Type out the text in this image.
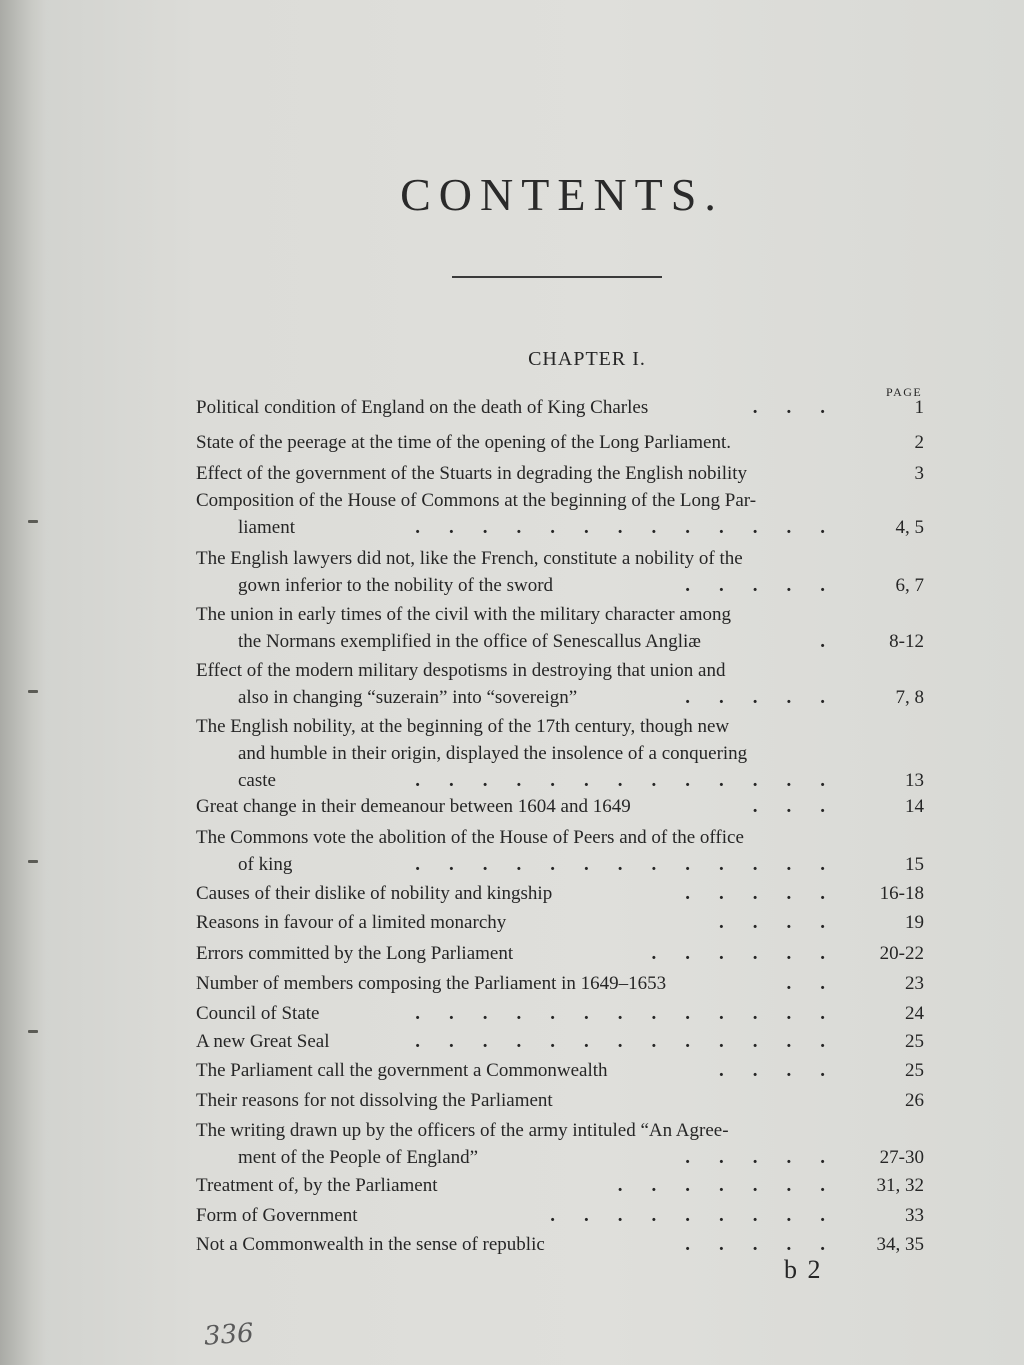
CONTENTS.
CHAPTER I.
PAGE
Political condition of England on the death of King Charles	...	1
State of the peerage at the time of the opening of the Long Parliament.	2
Effect of the government of the Stuarts in degrading the English nobility	3
Composition of the House of Commons at the beginning of the Long Par-
liament	............. 4, 5
The English lawyers did not, like the French, constitute a nobility of the
gown inferior to the nobility of the sword	..... 6, 7
The union in early times of the civil with the military character among
the Normans exemplified in the office of Senescallus Angliæ	. 8-12
Effect of the modern military despotisms in destroying that union and
also in changing “suzerain” into “sovereign”	..... 7, 8
The English nobility, at the beginning of the 17th century, though new
and humble in their origin, displayed the insolence of a conquering
caste	.............	13
Great change in their demeanour between 1604 and 1649	...	14
The Commons vote the abolition of the House of Peers and of the office
of king	.............	15
Causes of their dislike of nobility and kingship	..... 16-18
Reasons in favour of a limited monarchy	....	19
Errors committed by the Long Parliament	...... 20-22
Number of members composing the Parliament in 1649–1653	..	23
Council of State	.............	24
A new Great Seal	.............	25
The Parliament call the government a Commonwealth	....	25
Their reasons for not dissolving the Parliament	26
The writing drawn up by the officers of the army intituled “An Agree-
ment of the People of England”	..... 27-30
Treatment of, by the Parliament	....... 31, 32
Form of Government	.........	33
Not a Commonwealth in the sense of republic	..... 34, 35
b 2
336
